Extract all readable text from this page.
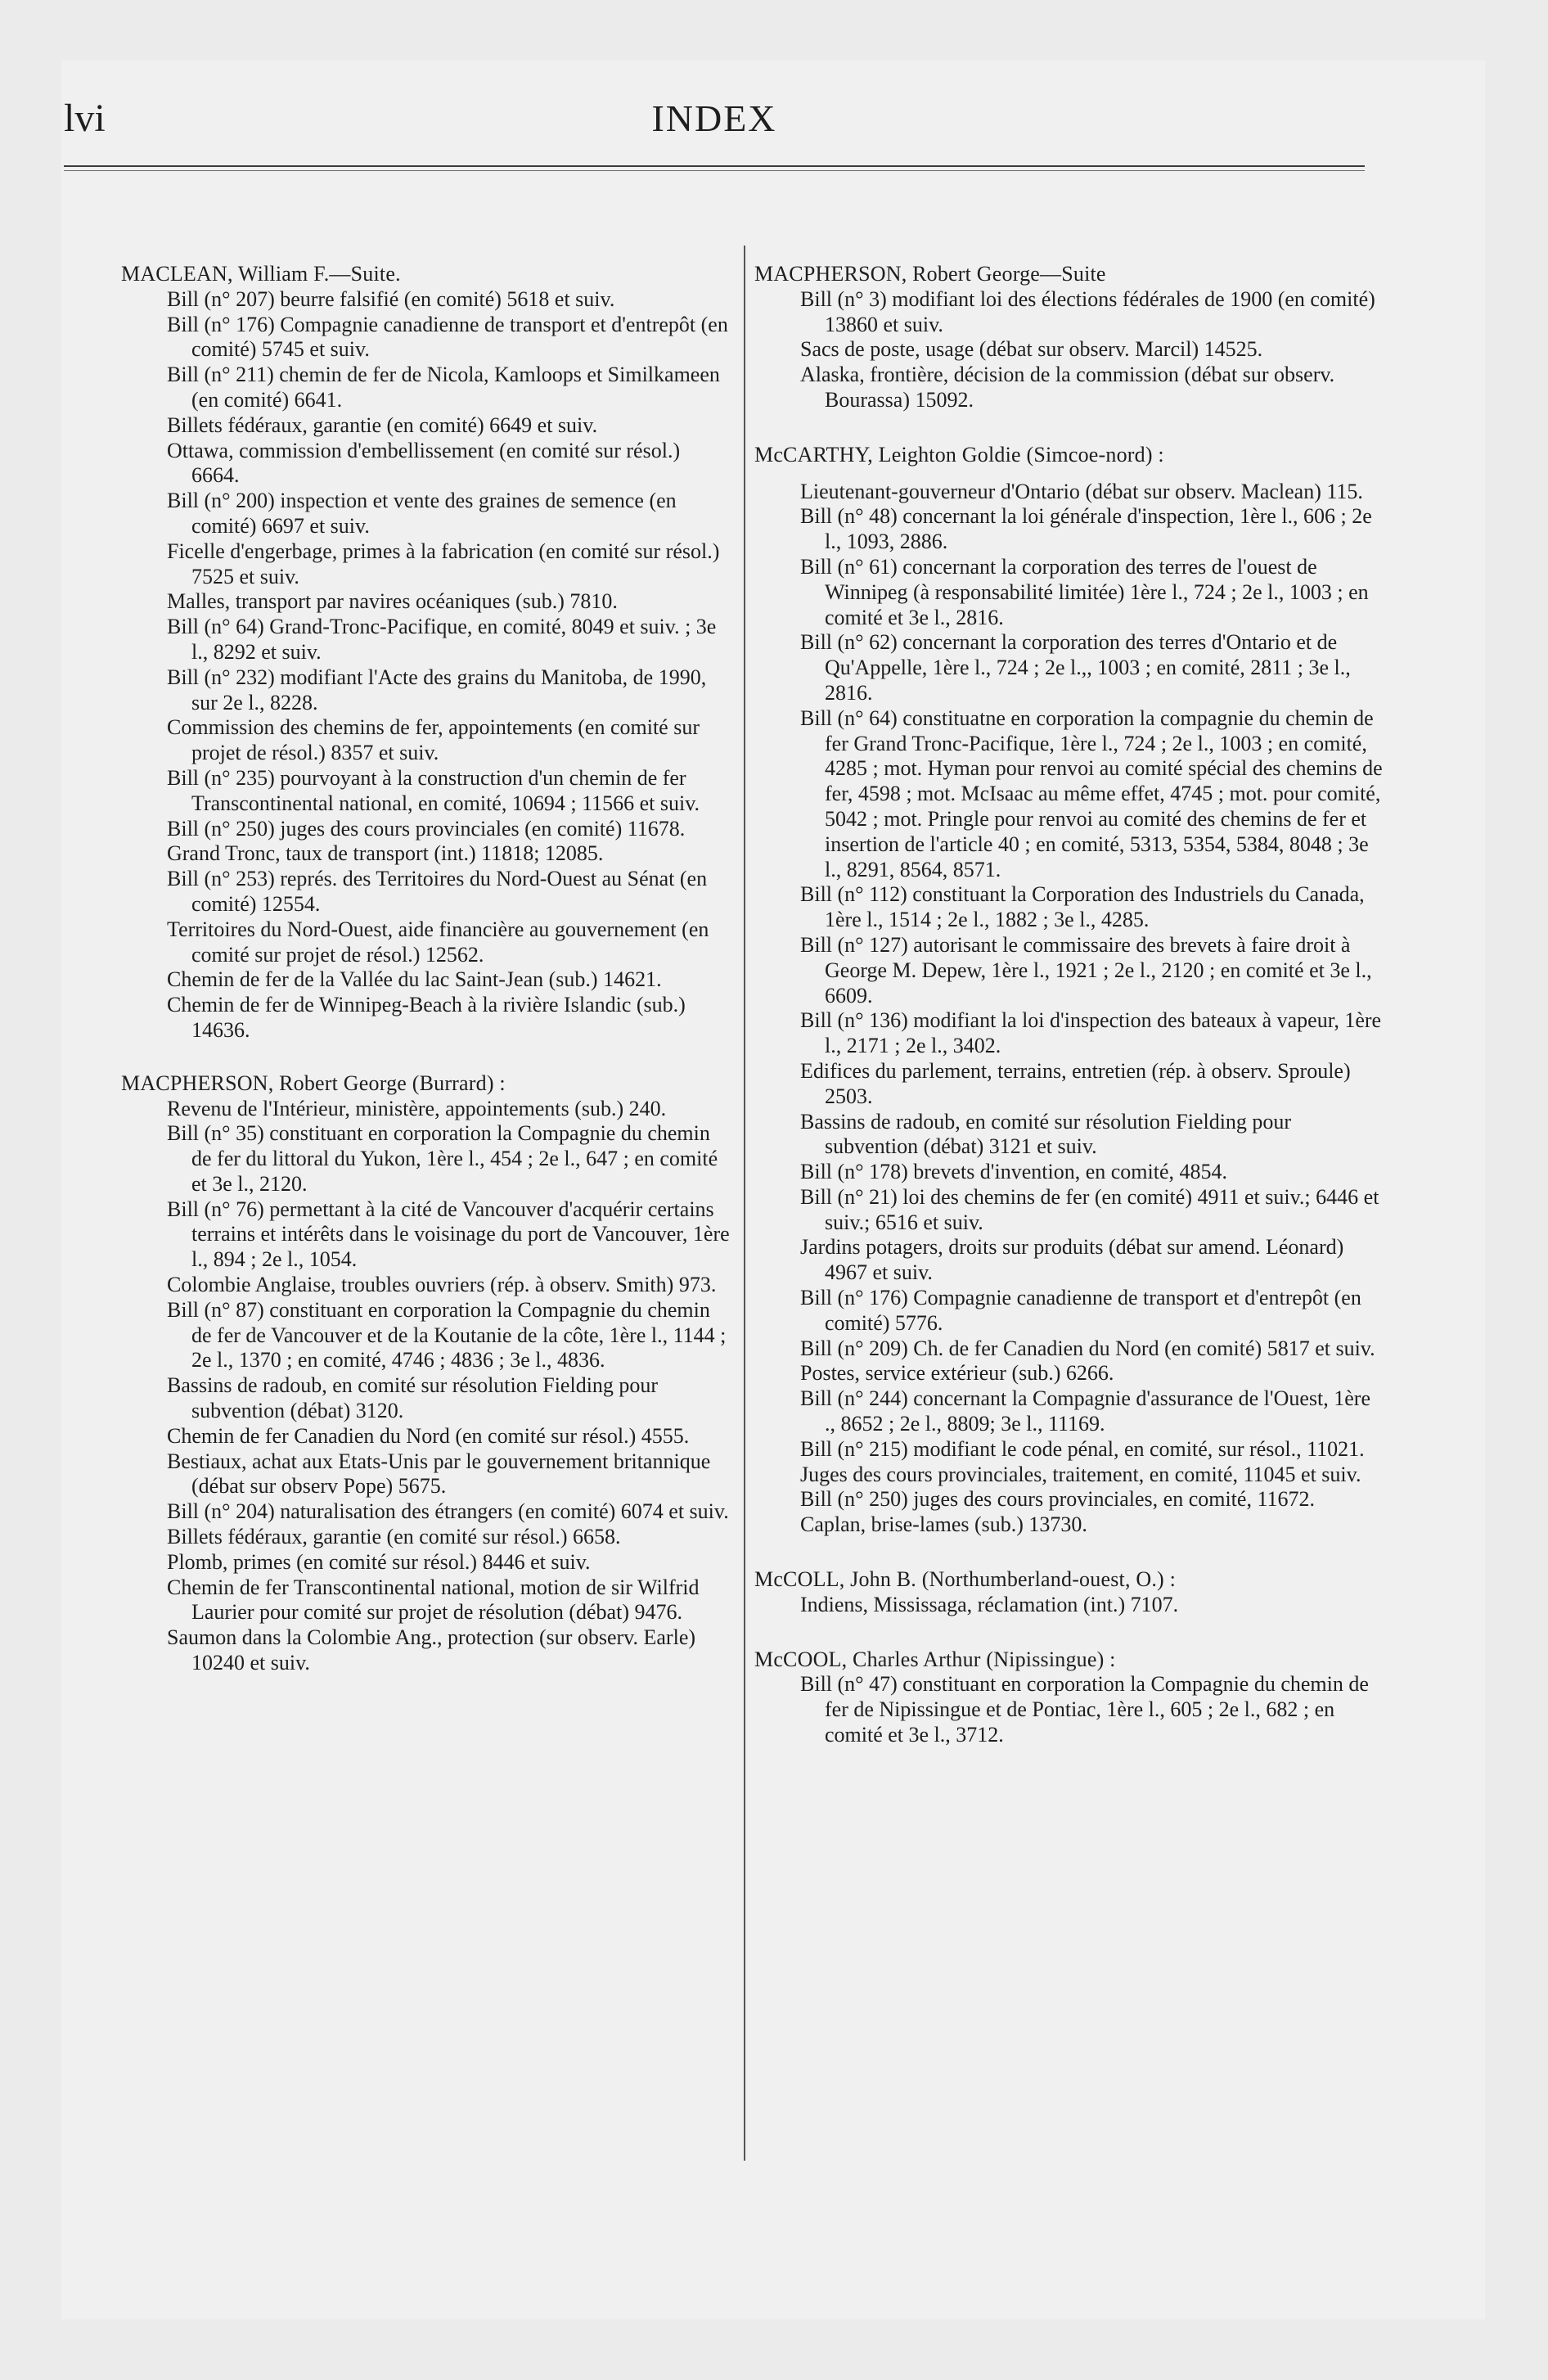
lvi	INDEX
MACLEAN, William F.—Suite.

Bill (n° 207) beurre falsifié (en comité) 5618 et suiv.

Bill (n° 176) Compagnie canadienne de transport et d'entrepôt (en comité) 5745 et suiv.

Bill (n° 211) chemin de fer de Nicola, Kamloops et Similkameen (en comité) 6641.

Billets fédéraux, garantie (en comité) 6649 et suiv.

Ottawa, commission d'embellissement (en comité sur résol.) 6664.

Bill (n° 200) inspection et vente des graines de semence (en comité) 6697 et suiv.

Ficelle d'engerbage, primes à la fabrication (en comité sur résol.) 7525 et suiv.

Malles, transport par navires océaniques (sub.) 7810.

Bill (n° 64) Grand-Tronc-Pacifique, en comité, 8049 et suiv. ; 3e l., 8292 et suiv.

Bill (n° 232) modifiant l'Acte des grains du Manitoba, de 1990, sur 2e l., 8228.

Commission des chemins de fer, appointements (en comité sur projet de résol.) 8357 et suiv.

Bill (n° 235) pourvoyant à la construction d'un chemin de fer Transcontinental national, en comité, 10694 ; 11566 et suiv.

Bill (n° 250) juges des cours provinciales (en comité) 11678.

Grand Tronc, taux de transport (int.) 11818; 12085.

Bill (n° 253) représ. des Territoires du Nord-Ouest au Sénat (en comité) 12554.

Territoires du Nord-Ouest, aide financière au gouvernement (en comité sur projet de résol.) 12562.

Chemin de fer de la Vallée du lac Saint-Jean (sub.) 14621.

Chemin de fer de Winnipeg-Beach à la rivière Islandic (sub.) 14636.

MACPHERSON, Robert George (Burrard) :

Revenu de l'Intérieur, ministère, appointements (sub.) 240.

Bill (n° 35) constituant en corporation la Compagnie du chemin de fer du littoral du Yukon, 1ère l., 454 ; 2e l., 647 ; en comité et 3e l., 2120.

Bill (n° 76) permettant à la cité de Vancouver d'acquérir certains terrains et intérêts dans le voisinage du port de Vancouver, 1ère l., 894 ; 2e l., 1054.

Colombie Anglaise, troubles ouvriers (rép. à observ. Smith) 973.

Bill (n° 87) constituant en corporation la Compagnie du chemin de fer de Vancouver et de la Koutanie de la côte, 1ère l., 1144 ; 2e l., 1370 ; en comité, 4746 ; 4836 ; 3e l., 4836.

Bassins de radoub, en comité sur résolution Fielding pour subvention (débat) 3120.

Chemin de fer Canadien du Nord (en comité sur résol.) 4555.

Bestiaux, achat aux Etats-Unis par le gouvernement britannique (débat sur observ Pope) 5675.

Bill (n° 204) naturalisation des étrangers (en comité) 6074 et suiv.

Billets fédéraux, garantie (en comité sur résol.) 6658.

Plomb, primes (en comité sur résol.) 8446 et suiv.

Chemin de fer Transcontinental national, motion de sir Wilfrid Laurier pour comité sur projet de résolution (débat) 9476.

Saumon dans la Colombie Ang., protection (sur observ. Earle) 10240 et suiv.

MACPHERSON, Robert George—Suite

Bill (n° 3) modifiant loi des élections fédérales de 1900 (en comité) 13860 et suiv.

Sacs de poste, usage (débat sur observ. Marcil) 14525.

Alaska, frontière, décision de la commission (débat sur observ. Bourassa) 15092.

McCARTHY, Leighton Goldie (Simcoe-nord) :

Lieutenant-gouverneur d'Ontario (débat sur observ. Maclean) 115.

Bill (n° 48) concernant la loi générale d'inspection, 1ère l., 606 ; 2e l., 1093, 2886.

Bill (n° 61) concernant la corporation des terres de l'ouest de Winnipeg (à responsabilité limitée) 1ère l., 724 ; 2e l., 1003 ; en comité et 3e l., 2816.

Bill (n° 62) concernant la corporation des terres d'Ontario et de Qu'Appelle, 1ère l., 724 ; 2e l.,, 1003 ; en comité, 2811 ; 3e l., 2816.

Bill (n° 64) constituatne en corporation la compagnie du chemin de fer Grand Tronc-Pacifique, 1ère l., 724 ; 2e l., 1003 ; en comité, 4285 ; mot. Hyman pour renvoi au comité spécial des chemins de fer, 4598 ; mot. McIsaac au même effet, 4745 ; mot. pour comité, 5042 ; mot. Pringle pour renvoi au comité des chemins de fer et insertion de l'article 40 ; en comité, 5313, 5354, 5384, 8048 ; 3e l., 8291, 8564, 8571.

Bill (n° 112) constituant la Corporation des Industriels du Canada, 1ère l., 1514 ; 2e l., 1882 ; 3e l., 4285.

Bill (n° 127) autorisant le commissaire des brevets à faire droit à George M. Depew, 1ère l., 1921 ; 2e l., 2120 ; en comité et 3e l., 6609.

Bill (n° 136) modifiant la loi d'inspection des bateaux à vapeur, 1ère l., 2171 ; 2e l., 3402.

Edifices du parlement, terrains, entretien (rép. à observ. Sproule) 2503.

Bassins de radoub, en comité sur résolution Fielding pour subvention (débat) 3121 et suiv.

Bill (n° 178) brevets d'invention, en comité, 4854.

Bill (n° 21) loi des chemins de fer (en comité) 4911 et suiv.; 6446 et suiv.; 6516 et suiv.

Jardins potagers, droits sur produits (débat sur amend. Léonard) 4967 et suiv.

Bill (n° 176) Compagnie canadienne de transport et d'entrepôt (en comité) 5776.

Bill (n° 209) Ch. de fer Canadien du Nord (en comité) 5817 et suiv.

Postes, service extérieur (sub.) 6266.

Bill (n° 244) concernant la Compagnie d'assurance de l'Ouest, 1ère ., 8652 ; 2e l., 8809; 3e l., 11169.

Bill (n° 215) modifiant le code pénal, en comité, sur résol., 11021.

Juges des cours provinciales, traitement, en comité, 11045 et suiv.

Bill (n° 250) juges des cours provinciales, en comité, 11672.

Caplan, brise-lames (sub.) 13730.

McCOLL, John B. (Northumberland-ouest, O.) :

Indiens, Mississaga, réclamation (int.) 7107.

McCOOL, Charles Arthur (Nipissingue) :

Bill (n° 47) constituant en corporation la Compagnie du chemin de fer de Nipissingue et de Pontiac, 1ère l., 605 ; 2e l., 682 ; en comité et 3e l., 3712.
